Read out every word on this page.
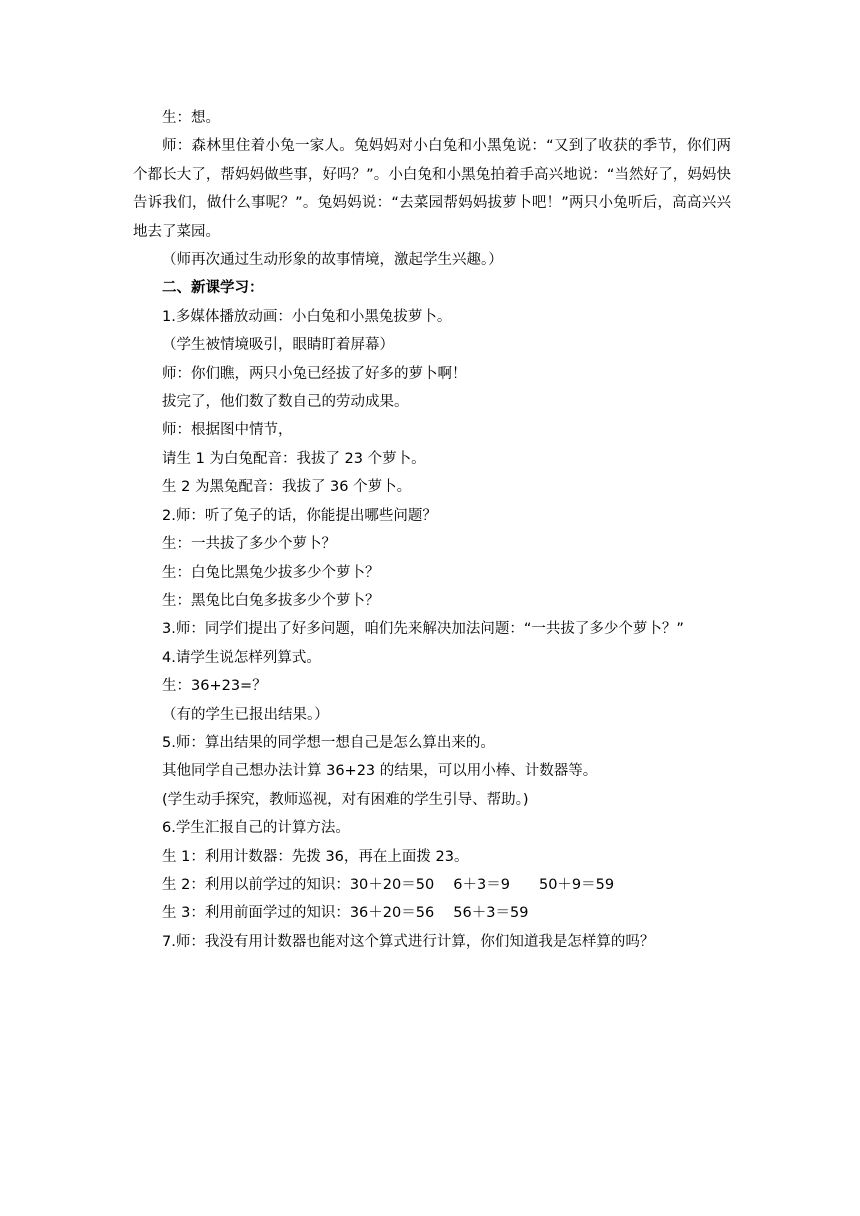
生：想。

师：森林里住着小兔一家人。兔妈妈对小白兔和小黑兔说：“又到了收获的季节，你们两个都长大了，帮妈妈做些事，好吗？”。小白兔和小黑兔拍着手高兴地说：“当然好了，妈妈快告诉我们，做什么事呢？”。兔妈妈说：“去菜园帮妈妈拔萝卜吧！”两只小兔听后，高高兴兴地去了菜园。

（师再次通过生动形象的故事情境，激起学生兴趣。）

二、新课学习：

1.多媒体播放动画：小白兔和小黑兔拔萝卜。

（学生被情境吸引，眼睛盯着屏幕）

师：你们瞧，两只小兔已经拔了好多的萝卜啊！

拔完了，他们数了数自己的劳动成果。

师：根据图中情节，

请生 1 为白兔配音：我拔了 23 个萝卜。

生 2 为黑兔配音：我拔了 36 个萝卜。

2.师：听了兔子的话，你能提出哪些问题？

生：一共拔了多少个萝卜？

生：白兔比黑兔少拔多少个萝卜？

生：黑兔比白兔多拔多少个萝卜？

3.师：同学们提出了好多问题，咱们先来解决加法问题：“一共拔了多少个萝卜？”

4.请学生说怎样列算式。

生：36+23=？

（有的学生已报出结果。）

5.师：算出结果的同学想一想自己是怎么算出来的。

其他同学自己想办法计算 36+23 的结果，可以用小棒、计数器等。

(学生动手探究，教师巡视，对有困难的学生引导、帮助。)

6.学生汇报自己的计算方法。

生 1：利用计数器：先拨 36，再在上面拨 23。

生 2：利用以前学过的知识：30＋20＝50　 6＋3＝9　　50＋9＝59

生 3：利用前面学过的知识：36＋20＝56　 56＋3＝59

7.师：我没有用计数器也能对这个算式进行计算，你们知道我是怎样算的吗？
